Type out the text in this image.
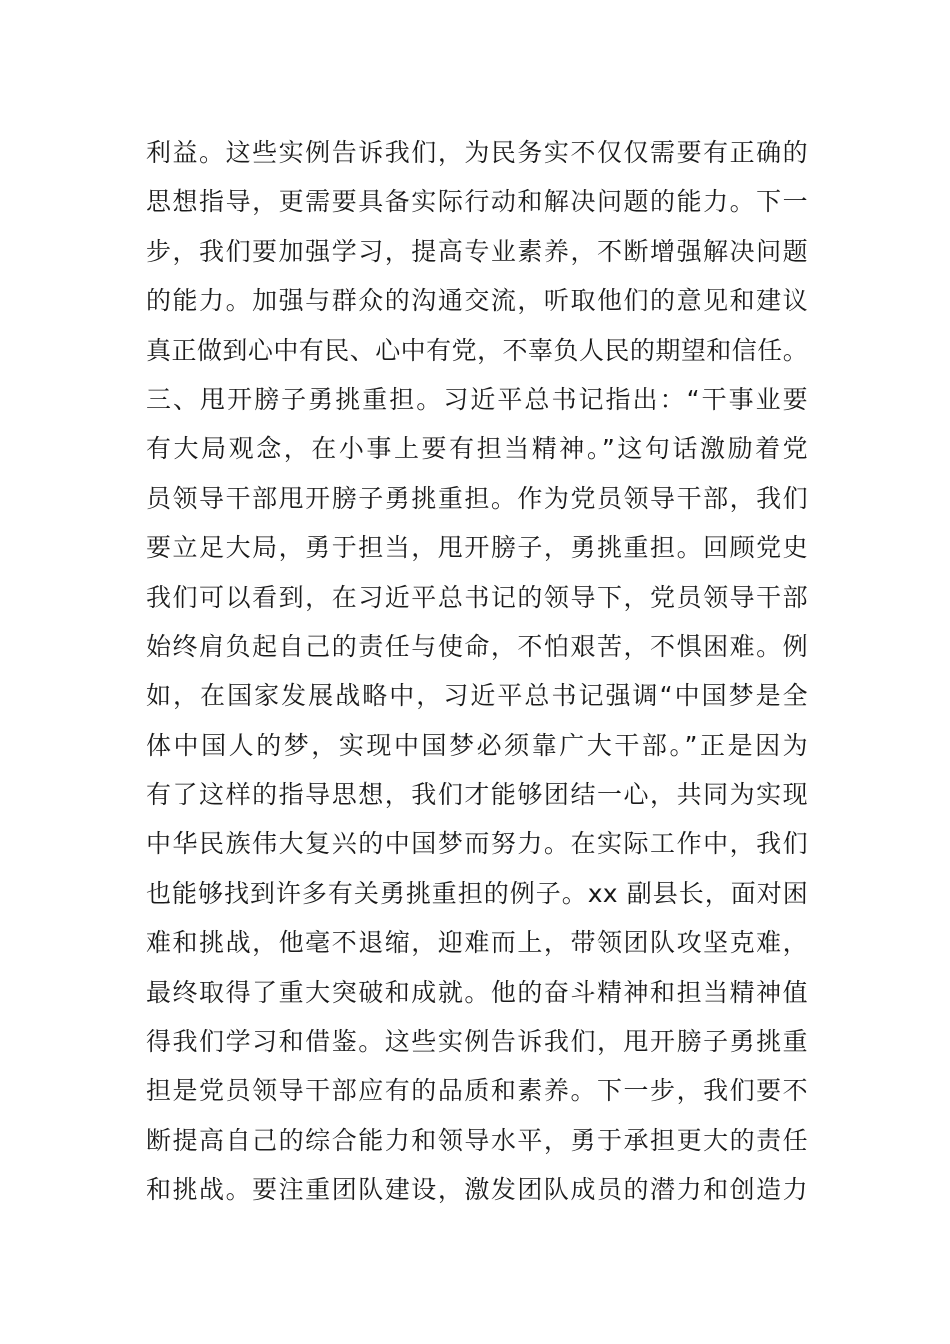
利益。这些实例告诉我们，为民务实不仅仅需要有正确的
思想指导，更需要具备实际行动和解决问题的能力。下一
步，我们要加强学习，提高专业素养，不断增强解决问题
的能力。加强与群众的沟通交流，听取他们的意见和建议
真正做到心中有民、心中有党，不辜负人民的期望和信任。
三、甩开膀子勇挑重担。习近平总书记指出：“干事业要
有大局观念，在小事上要有担当精神。”这句话激励着党
员领导干部甩开膀子勇挑重担。作为党员领导干部，我们
要立足大局，勇于担当，甩开膀子，勇挑重担。回顾党史
我们可以看到，在习近平总书记的领导下，党员领导干部
始终肩负起自己的责任与使命，不怕艰苦，不惧困难。例
如，在国家发展战略中，习近平总书记强调“中国梦是全
体中国人的梦，实现中国梦必须靠广大干部。”正是因为
有了这样的指导思想，我们才能够团结一心，共同为实现
中华民族伟大复兴的中国梦而努力。在实际工作中，我们
也能够找到许多有关勇挑重担的例子。xx 副县长，面对困
难和挑战，他毫不退缩，迎难而上，带领团队攻坚克难，
最终取得了重大突破和成就。他的奋斗精神和担当精神值
得我们学习和借鉴。这些实例告诉我们，甩开膀子勇挑重
担是党员领导干部应有的品质和素养。下一步，我们要不
断提高自己的综合能力和领导水平，勇于承担更大的责任
和挑战。要注重团队建设，激发团队成员的潜力和创造力
